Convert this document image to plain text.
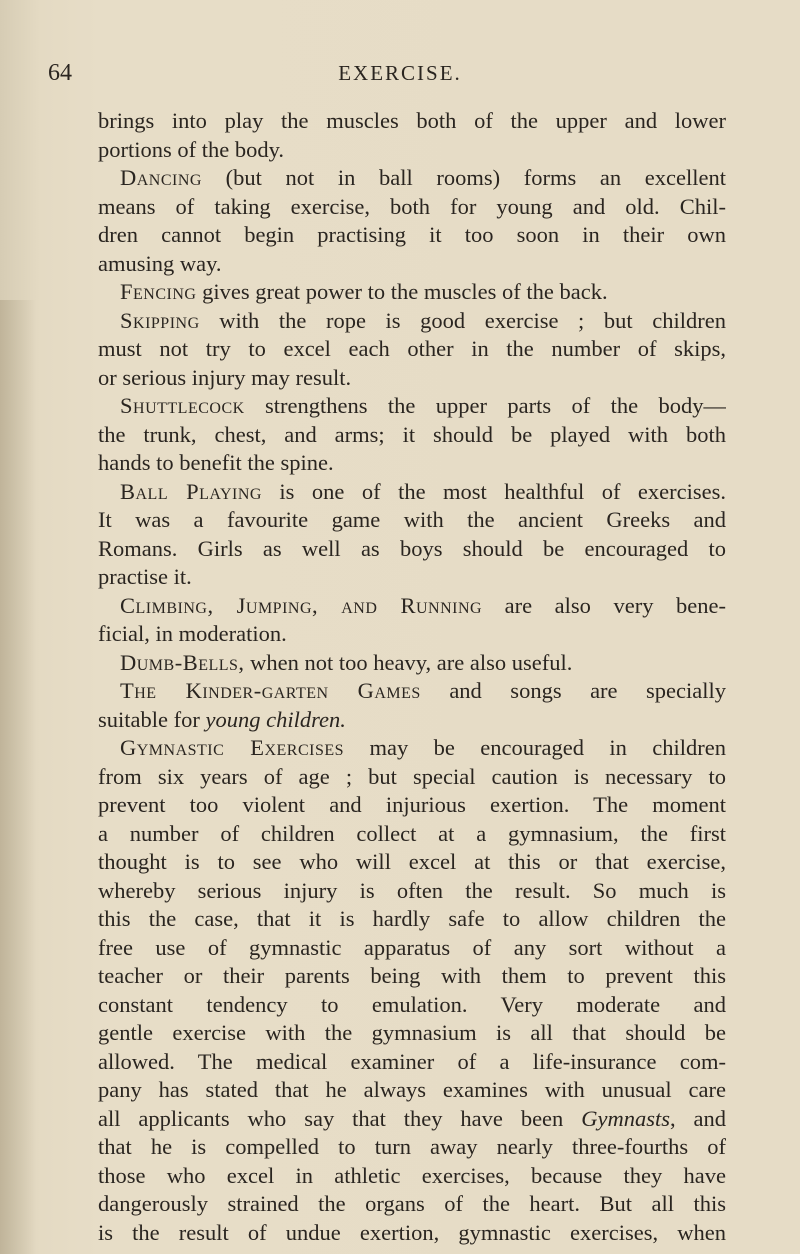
64	EXERCISE.
brings into play the muscles both of the upper and lower
portions of the body.
Dancing (but not in ball rooms) forms an excellent
means of taking exercise, both for young and old. Chil-
dren cannot begin practising it too soon in their own
amusing way.
Fencing gives great power to the muscles of the back.
Skipping with the rope is good exercise ; but children
must not try to excel each other in the number of skips,
or serious injury may result.
Shuttlecock strengthens the upper parts of the body—
the trunk, chest, and arms; it should be played with both
hands to benefit the spine.
Ball Playing is one of the most healthful of exercises.
It was a favourite game with the ancient Greeks and
Romans. Girls as well as boys should be encouraged to
practise it.
Climbing, Jumping, and Running are also very bene-
ficial, in moderation.
Dumb-Bells, when not too heavy, are also useful.
The Kinder-garten Games and songs are specially
suitable for young children.
Gymnastic Exercises may be encouraged in children
from six years of age ; but special caution is necessary to
prevent too violent and injurious exertion. The moment
a number of children collect at a gymnasium, the first
thought is to see who will excel at this or that exercise,
whereby serious injury is often the result. So much is
this the case, that it is hardly safe to allow children the
free use of gymnastic apparatus of any sort without a
teacher or their parents being with them to prevent this
constant tendency to emulation. Very moderate and
gentle exercise with the gymnasium is all that should be
allowed. The medical examiner of a life-insurance com-
pany has stated that he always examines with unusual care
all applicants who say that they have been Gymnasts, and
that he is compelled to turn away nearly three-fourths of
those who excel in athletic exercises, because they have
dangerously strained the organs of the heart. But all this
is the result of undue exertion, gymnastic exercises, when
